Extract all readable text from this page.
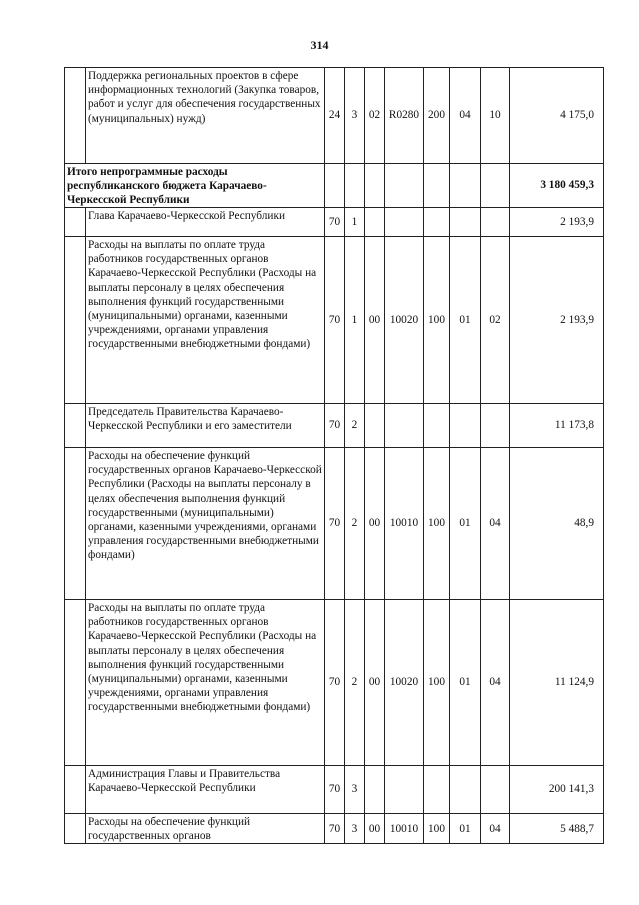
314
	Поддержка региональных проектов в сфере информационных технологий (Закупка товаров, работ и услуг для обеспечения государственных (муниципальных) нужд)	24	3	02	R0280	200	04	10	4 175,0
Итого непрограммные расходы республиканского бюджета Карачаево-Черкесской Республики									3 180 459,3
	Глава Карачаево-Черкесской Республики	70	1						2 193,9
	Расходы на выплаты по оплате труда работников государственных органов Карачаево-Черкесской Республики (Расходы на выплаты персоналу в целях обеспечения выполнения функций государственными (муниципальными) органами, казенными учреждениями, органами управления государственными внебюджетными фондами)	70	1	00	10020	100	01	02	2 193,9
	Председатель Правительства Карачаево-Черкесской Республики и его заместители	70	2						11 173,8
	Расходы на обеспечение функций государственных органов Карачаево-Черкесской Республики (Расходы на выплаты персоналу в целях обеспечения выполнения функций государственными (муниципальными) органами, казенными учреждениями, органами управления государственными внебюджетными фондами)	70	2	00	10010	100	01	04	48,9
	Расходы на выплаты по оплате труда работников государственных органов Карачаево-Черкесской Республики (Расходы на выплаты персоналу в целях обеспечения выполнения функций государственными (муниципальными) органами, казенными учреждениями, органами управления государственными внебюджетными фондами)	70	2	00	10020	100	01	04	11 124,9
	Администрация Главы и Правительства Карачаево-Черкесской Республики	70	3						200 141,3
	Расходы на обеспечение функций государственных органов	70	3	00	10010	100	01	04	5 488,7
